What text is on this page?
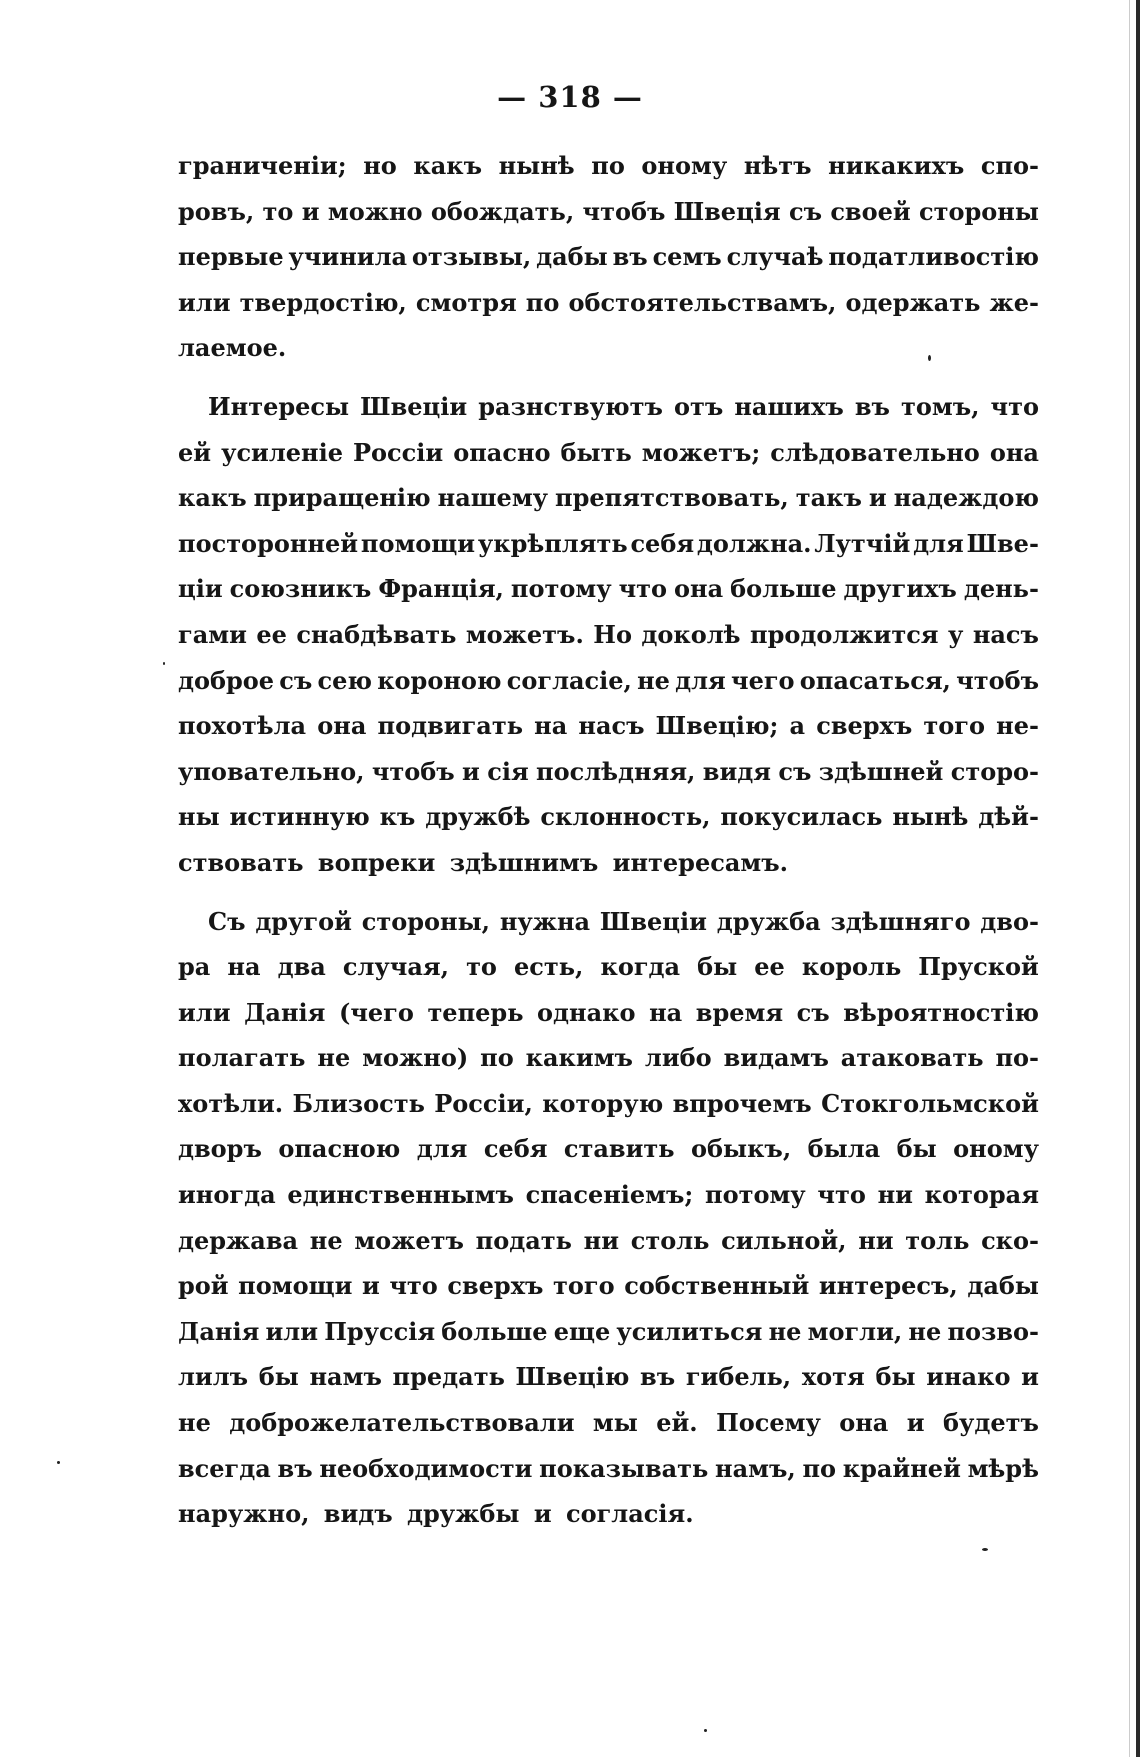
— 318 —
граниченіи; но какъ нынѣ по оному нѣтъ никакихъ спо-
ровъ, то и можно обождать, чтобъ Швеція съ своей стороны
первые учинила отзывы, дабы въ семъ случаѣ податливостію
или твердостію, смотря по обстоятельствамъ, одержать же-
лаемое.
Интересы Швеціи разнствуютъ отъ нашихъ въ томъ, что
ей усиленіе Россіи опасно быть можетъ; слѣдовательно она
какъ приращенію нашему препятствовать, такъ и надеждою
посторонней помощи укрѣплять себя должна. Лутчій для Шве-
ціи союзникъ Франція, потому что она больше другихъ день-
гами ее снабдѣвать можетъ. Но доколѣ продолжится у насъ
доброе съ сею короною согласіе, не для чего опасаться, чтобъ
похотѣла она подвигать на насъ Швецію; а сверхъ того не-
уповательно, чтобъ и сія послѣдняя, видя съ здѣшней сторо-
ны истинную къ дружбѣ склонность, покусилась нынѣ дѣй-
ствовать вопреки здѣшнимъ интересамъ.
Съ другой стороны, нужна Швеціи дружба здѣшняго дво-
ра на два случая, то есть, когда бы ее король Пруской
или Данія (чего теперь однако на время съ вѣроятностію
полагать не можно) по какимъ либо видамъ атаковать по-
хотѣли. Близость Россіи, которую впрочемъ Стокгольмской
дворъ опасною для себя ставить обыкъ, была бы оному
иногда единственнымъ спасеніемъ; потому что ни которая
держава не можетъ подать ни столь сильной, ни толь ско-
рой помощи и что сверхъ того собственный интересъ, дабы
Данія или Пруссія больше еще усилиться не могли, не позво-
лилъ бы намъ предать Швецію въ гибель, хотя бы инако и
не доброжелательствовали мы ей. Посему она и будетъ
всегда въ необходимости показывать намъ, по крайней мѣрѣ
наружно, видъ дружбы и согласія.
